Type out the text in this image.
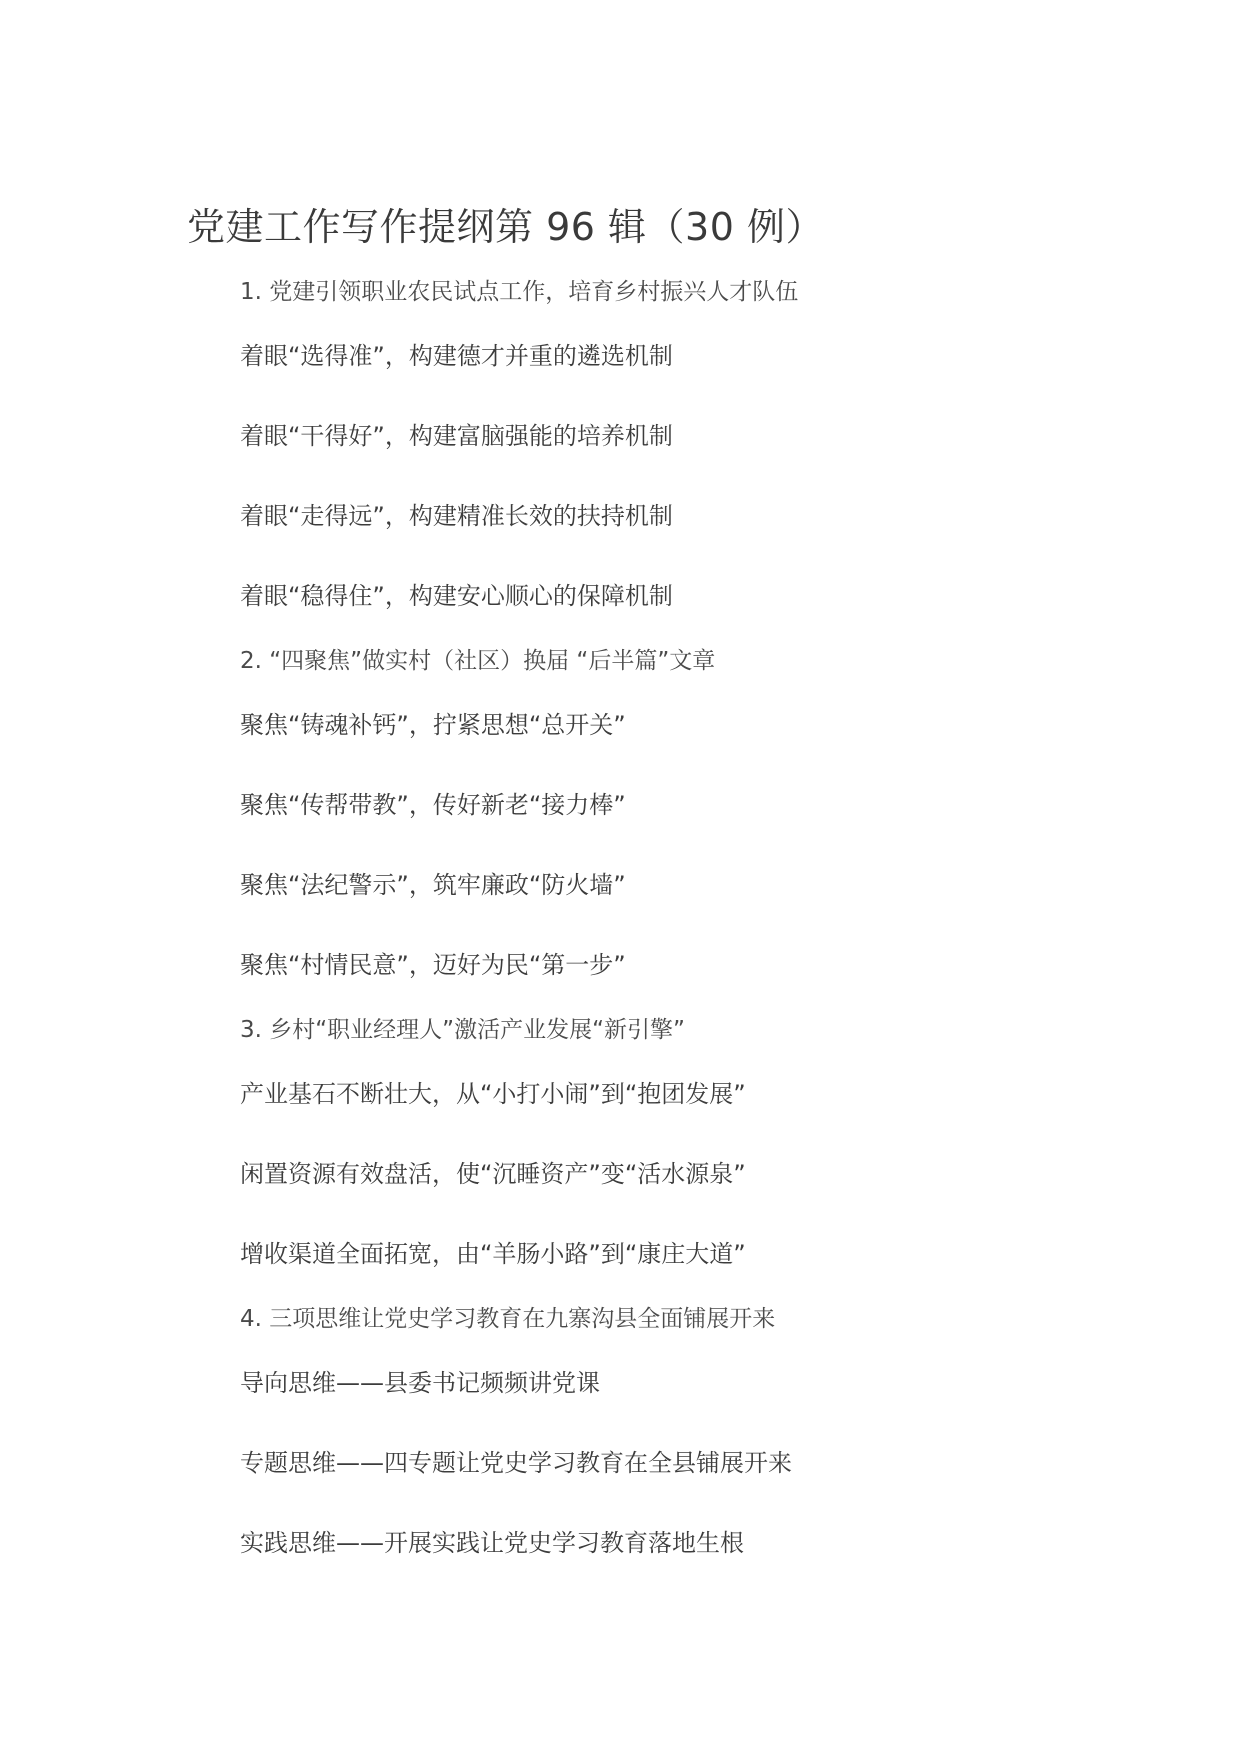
党建工作写作提纲第 96 辑（30 例）
1. 党建引领职业农民试点工作，培育乡村振兴人才队伍
着眼“选得准”，构建德才并重的遴选机制
着眼“干得好”，构建富脑强能的培养机制
着眼“走得远”，构建精准长效的扶持机制
着眼“稳得住”，构建安心顺心的保障机制
2. “四聚焦”做实村（社区）换届 “后半篇”文章
聚焦“铸魂补钙”，拧紧思想“总开关”
聚焦“传帮带教”，传好新老“接力棒”
聚焦“法纪警示”，筑牢廉政“防火墙”
聚焦“村情民意”，迈好为民“第一步”
3. 乡村“职业经理人”激活产业发展“新引擎”
产业基石不断壮大，从“小打小闹”到“抱团发展”
闲置资源有效盘活，使“沉睡资产”变“活水源泉”
增收渠道全面拓宽，由“羊肠小路”到“康庄大道”
4. 三项思维让党史学习教育在九寨沟县全面铺展开来
导向思维——县委书记频频讲党课
专题思维——四专题让党史学习教育在全县铺展开来
实践思维——开展实践让党史学习教育落地生根
